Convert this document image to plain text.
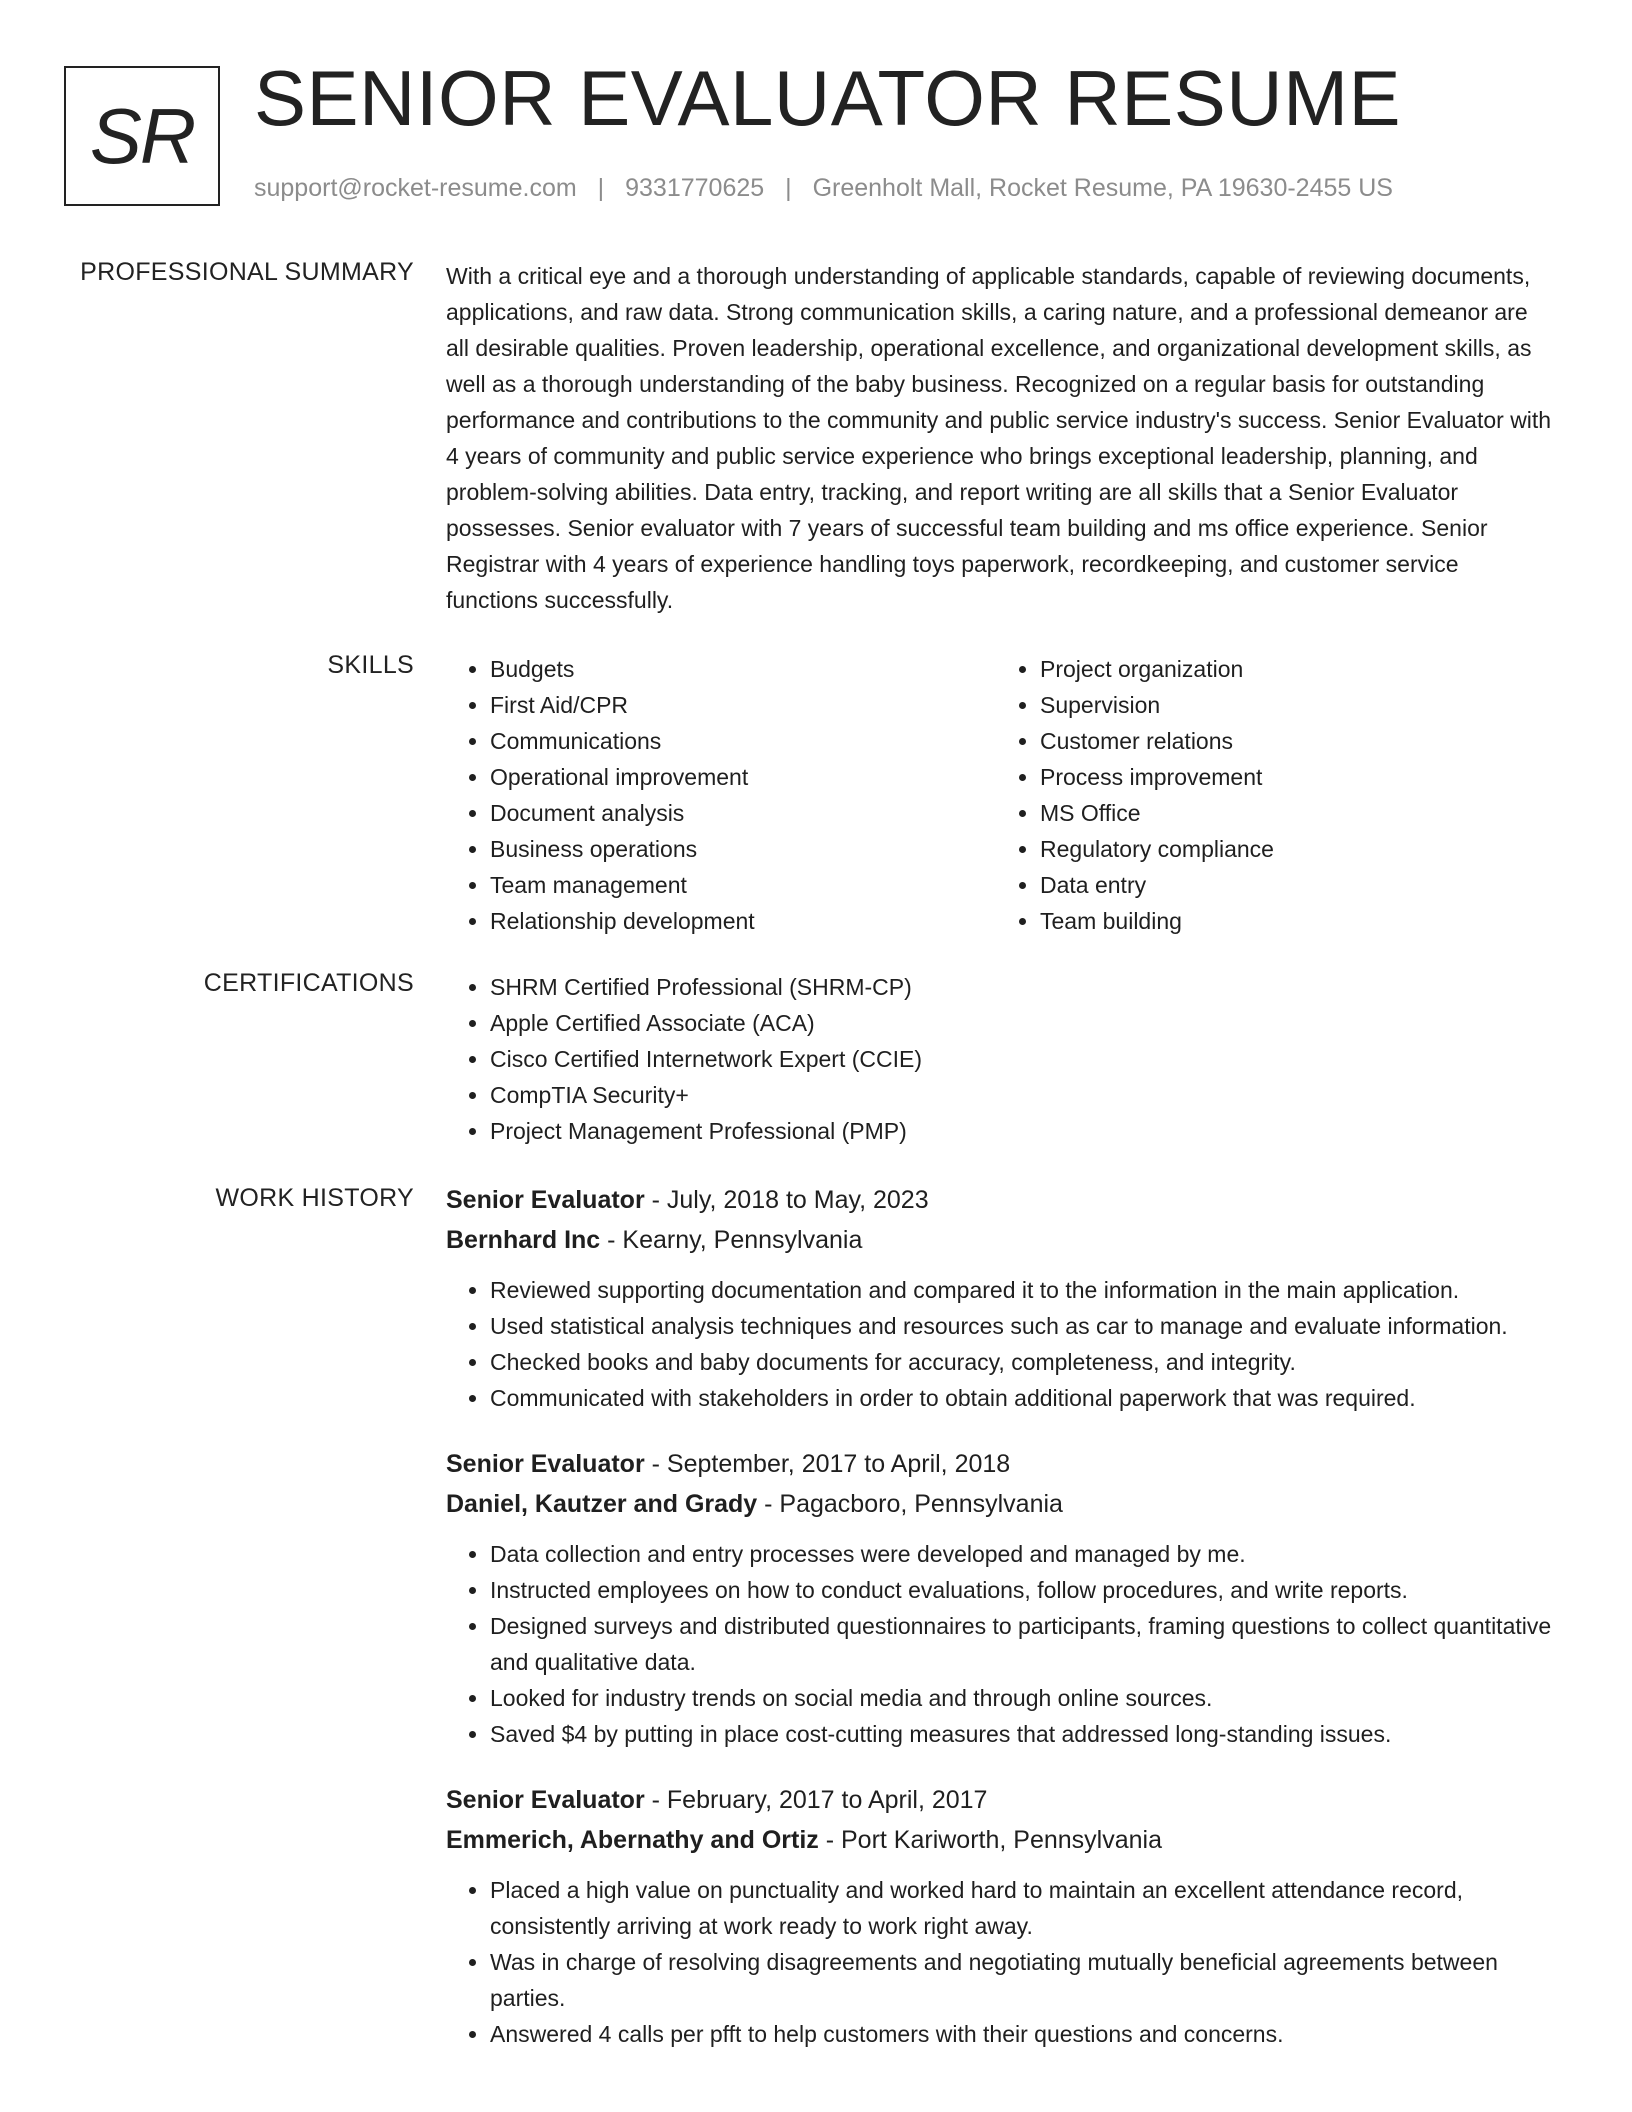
SR SENIOR EVALUATOR RESUME
support@rocket-resume.com | 9331770625 | Greenholt Mall, Rocket Resume, PA 19630-2455 US
PROFESSIONAL SUMMARY With a critical eye and a thorough understanding of applicable standards, capable of reviewing documents, applications, and raw data. Strong communication skills, a caring nature, and a professional demeanor are all desirable qualities. Proven leadership, operational excellence, and organizational development skills, as well as a thorough understanding of the baby business. Recognized on a regular basis for outstanding performance and contributions to the community and public service industry's success. Senior Evaluator with 4 years of community and public service experience who brings exceptional leadership, planning, and problem-solving abilities. Data entry, tracking, and report writing are all skills that a Senior Evaluator possesses. Senior evaluator with 7 years of successful team building and ms office experience. Senior Registrar with 4 years of experience handling toys paperwork, recordkeeping, and customer service functions successfully.

SKILLS	• Budgets
• First Aid/CPR
• Communications
• Operational improvement
• Document analysis
• Business operations
• Team management
• Relationship development
• Project organization
• Supervision
• Customer relations
• Process improvement
• MS Office
• Regulatory compliance
• Data entry
• Team building
CERTIFICATIONS	• SHRM Certified Professional (SHRM-CP)
• Apple Certified Associate (ACA)
• Cisco Certified Internetwork Expert (CCIE)
• CompTIA Security+
• Project Management Professional (PMP)
WORK HISTORY Senior Evaluator - July, 2018 to May, 2023
Bernhard Inc - Kearny, Pennsylvania
• Reviewed supporting documentation and compared it to the information in the main application.
• Used statistical analysis techniques and resources such as car to manage and evaluate information.
• Checked books and baby documents for accuracy, completeness, and integrity.
• Communicated with stakeholders in order to obtain additional paperwork that was required.
Senior Evaluator - September, 2017 to April, 2018
Daniel, Kautzer and Grady - Pagacboro, Pennsylvania
• Data collection and entry processes were developed and managed by me.
• Instructed employees on how to conduct evaluations, follow procedures, and write reports.
• Designed surveys and distributed questionnaires to participants, framing questions to collect quantitative and qualitative data.
• Looked for industry trends on social media and through online sources.
• Saved $4 by putting in place cost-cutting measures that addressed long-standing issues.
Senior Evaluator - February, 2017 to April, 2017
Emmerich, Abernathy and Ortiz - Port Kariworth, Pennsylvania
• Placed a high value on punctuality and worked hard to maintain an excellent attendance record, consistently arriving at work ready to work right away.
• Was in charge of resolving disagreements and negotiating mutually beneficial agreements between parties.
• Answered 4 calls per pfft to help customers with their questions and concerns.
